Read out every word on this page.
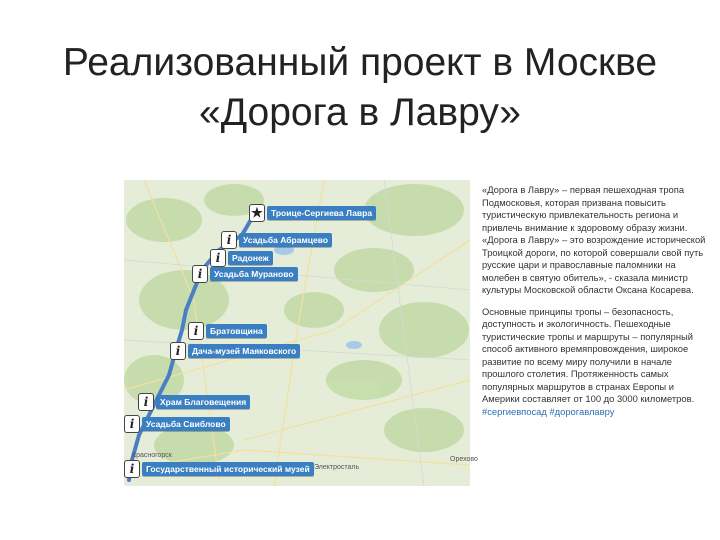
Реализованный проект в Москве
«Дорога в Лавру»
Красногорск
Электросталь
Орехово
★ Троице-Сергиева Лавра
i	Усадьба Абрамцево
i	Радонеж
i	Усадьба Мураново
i	Братовщина
i	Дача-музей Маяковского
i	Храм Благовещения
i	Усадьба Свиблово
i	Государственный исторический музей

«Дорога в Лавру» – первая пешеходная тропа Подмосковья, которая призвана повысить туристическую привлекательность региона и привлечь внимание к здоровому образу жизни. «Дорога в Лавру» – это возрождение исторической Троицкой дороги, по которой совершали свой путь русские цари и православные паломники на молебен в святую обитель», - сказала министр культуры Московской области Оксана Косарева.

Основные принципы тропы – безопасность, доступность и экологичность. Пешеходные туристические тропы и маршруты – популярный способ активного времяпровождения, широкое развитие по всему миру получили в начале прошлого столетия. Протяженность самых популярных маршрутов в странах Европы и Америки составляет от 100 до 3000 километров.
#сергиевпосад #дорогавлавру
